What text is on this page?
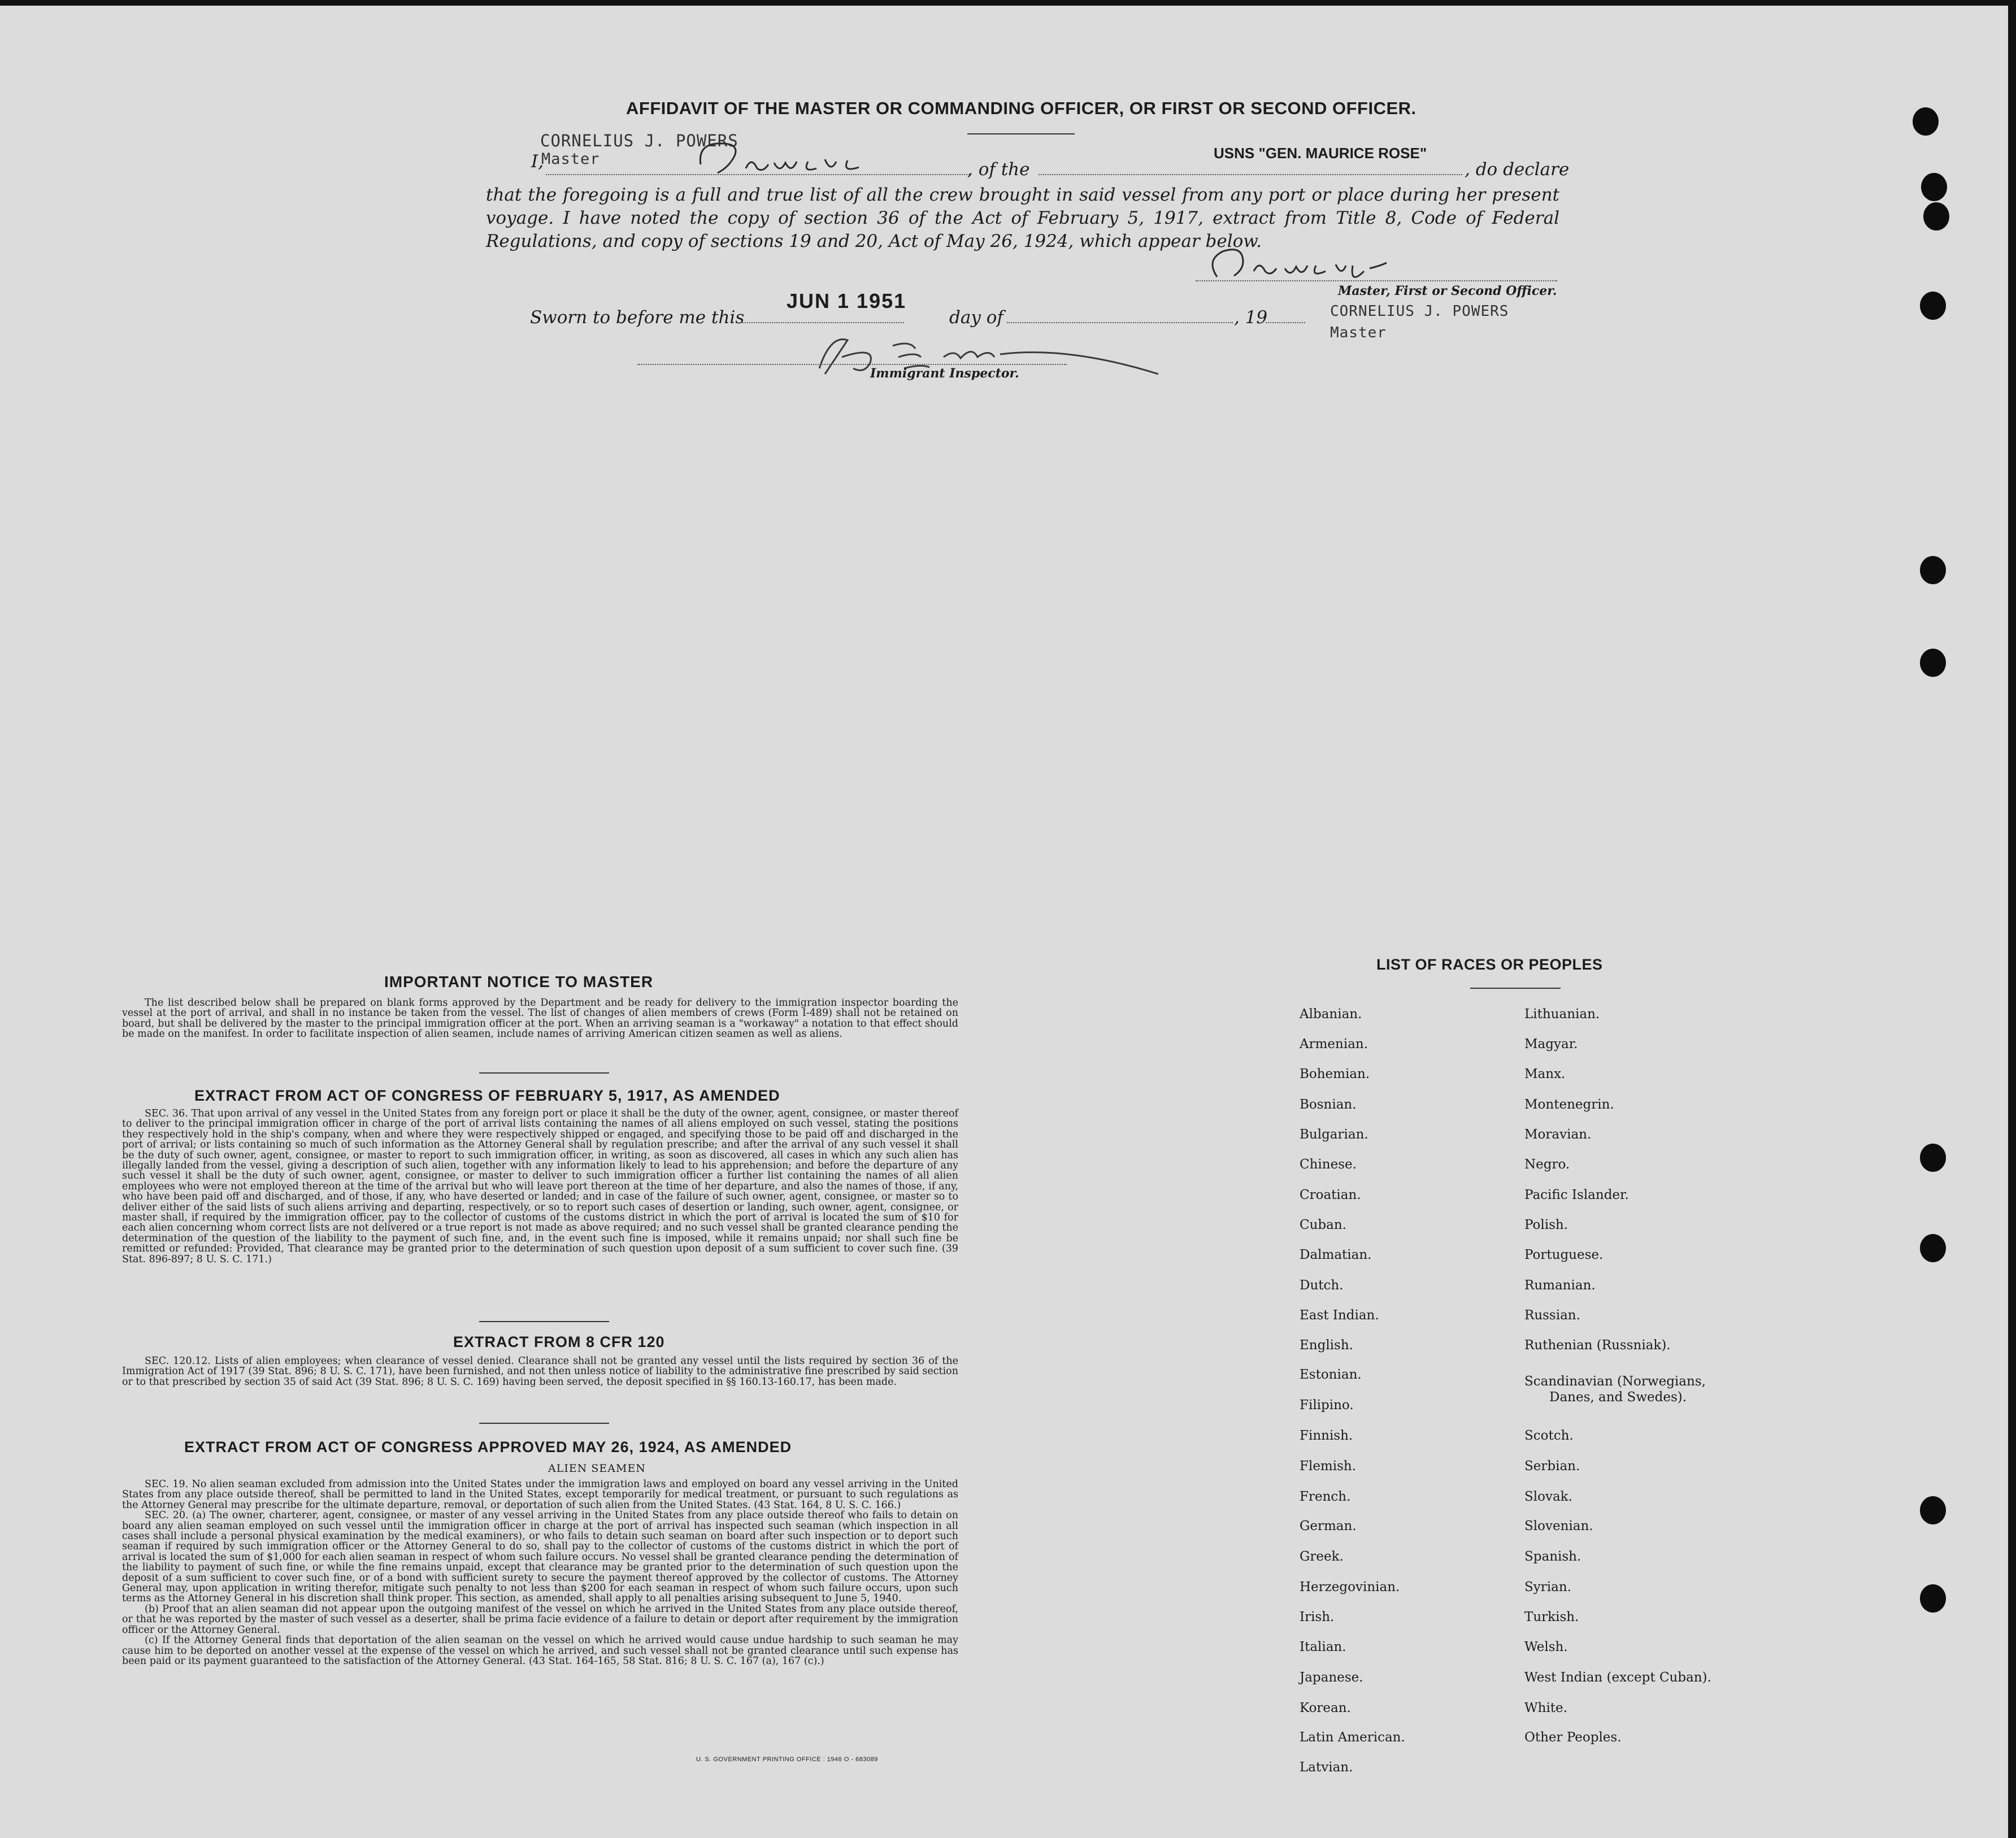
AFFIDAVIT OF THE MASTER OR COMMANDING OFFICER, OR FIRST OR SECOND OFFICER.
CORNELIUS J. POWERS
I,
Master
, of the
USNS "GEN. MAURICE ROSE"
, do declare
that the foregoing is a full and true list of all the crew brought in said vessel from any port or place during her present voyage. I have noted the copy of section 36 of the Act of February 5, 1917, extract from Title 8, Code of Federal Regulations, and copy of sections 19 and 20, Act of May 26, 1924, which appear below.
Sworn to before me this
JUN 1 1951
day of	, 19
Master, First or Second Officer.
CORNELIUS J. POWERS
Master
Immigrant Inspector.
IMPORTANT NOTICE TO MASTER

The list described below shall be prepared on blank forms approved by the Department and be ready for delivery to the immigration inspector boarding the vessel at the port of arrival, and shall in no instance be taken from the vessel. The list of changes of alien members of crews (Form I-489) shall not be retained on board, but shall be delivered by the master to the principal immigration officer at the port. When an arriving seaman is a "workaway" a notation to that effect should be made on the manifest. In order to facilitate inspection of alien seamen, include names of arriving American citizen seamen as well as aliens.

EXTRACT FROM ACT OF CONGRESS OF FEBRUARY 5, 1917, AS AMENDED

SEC. 36. That upon arrival of any vessel in the United States from any foreign port or place it shall be the duty of the owner, agent, consignee, or master thereof to deliver to the principal immigration officer in charge of the port of arrival lists containing the names of all aliens employed on such vessel, stating the positions they respectively hold in the ship's company, when and where they were respectively shipped or engaged, and specifying those to be paid off and discharged in the port of arrival; or lists containing so much of such information as the Attorney General shall by regulation prescribe; and after the arrival of any such vessel it shall be the duty of such owner, agent, consignee, or master to report to such immigration officer, in writing, as soon as discovered, all cases in which any such alien has illegally landed from the vessel, giving a description of such alien, together with any information likely to lead to his apprehension; and before the departure of any such vessel it shall be the duty of such owner, agent, consignee, or master to deliver to such immigration officer a further list containing the names of all alien employees who were not employed thereon at the time of the arrival but who will leave port thereon at the time of her departure, and also the names of those, if any, who have been paid off and discharged, and of those, if any, who have deserted or landed; and in case of the failure of such owner, agent, consignee, or master so to deliver either of the said lists of such aliens arriving and departing, respectively, or so to report such cases of desertion or landing, such owner, agent, consignee, or master shall, if required by the immigration officer, pay to the collector of customs of the customs district in which the port of arrival is located the sum of $10 for each alien concerning whom correct lists are not delivered or a true report is not made as above required; and no such vessel shall be granted clearance pending the determination of the question of the liability to the payment of such fine, and, in the event such fine is imposed, while it remains unpaid; nor shall such fine be remitted or refunded: Provided, That clearance may be granted prior to the determination of such question upon deposit of a sum sufficient to cover such fine. (39 Stat. 896-897; 8 U. S. C. 171.)

EXTRACT FROM 8 CFR 120

SEC. 120.12. Lists of alien employees; when clearance of vessel denied. Clearance shall not be granted any vessel until the lists required by section 36 of the Immigration Act of 1917 (39 Stat. 896; 8 U. S. C. 171), have been furnished, and not then unless notice of liability to the administrative fine prescribed by said section or to that prescribed by section 35 of said Act (39 Stat. 896; 8 U. S. C. 169) having been served, the deposit specified in §§ 160.13-160.17, has been made.

EXTRACT FROM ACT OF CONGRESS APPROVED MAY 26, 1924, AS AMENDED
ALIEN SEAMEN

SEC. 19. No alien seaman excluded from admission into the United States under the immigration laws and employed on board any vessel arriving in the United States from any place outside thereof, shall be permitted to land in the United States, except temporarily for medical treatment, or pursuant to such regulations as the Attorney General may prescribe for the ultimate departure, removal, or deportation of such alien from the United States. (43 Stat. 164, 8 U. S. C. 166.)

SEC. 20. (a) The owner, charterer, agent, consignee, or master of any vessel arriving in the United States from any place outside thereof who fails to detain on board any alien seaman employed on such vessel until the immigration officer in charge at the port of arrival has inspected such seaman (which inspection in all cases shall include a personal physical examination by the medical examiners), or who fails to detain such seaman on board after such inspection or to deport such seaman if required by such immigration officer or the Attorney General to do so, shall pay to the collector of customs of the customs district in which the port of arrival is located the sum of $1,000 for each alien seaman in respect of whom such failure occurs. No vessel shall be granted clearance pending the determination of the liability to payment of such fine, or while the fine remains unpaid, except that clearance may be granted prior to the determination of such question upon the deposit of a sum sufficient to cover such fine, or of a bond with sufficient surety to secure the payment thereof approved by the collector of customs. The Attorney General may, upon application in writing therefor, mitigate such penalty to not less than $200 for each seaman in respect of whom such failure occurs, upon such terms as the Attorney General in his discretion shall think proper. This section, as amended, shall apply to all penalties arising subsequent to June 5, 1940.

(b) Proof that an alien seaman did not appear upon the outgoing manifest of the vessel on which he arrived in the United States from any place outside thereof, or that he was reported by the master of such vessel as a deserter, shall be prima facie evidence of a failure to detain or deport after requirement by the immigration officer or the Attorney General.

(c) If the Attorney General finds that deportation of the alien seaman on the vessel on which he arrived would cause undue hardship to such seaman he may cause him to be deported on another vessel at the expense of the vessel on which he arrived, and such vessel shall not be granted clearance until such expense has been paid or its payment guaranteed to the satisfaction of the Attorney General. (43 Stat. 164-165, 58 Stat. 816; 8 U. S. C. 167 (a), 167 (c).)

U. S. GOVERNMENT PRINTING OFFICE : 1946 O - 683089
LIST OF RACES OR PEOPLES
Albanian.
Armenian.
Bohemian.
Bosnian.
Bulgarian.
Chinese.
Croatian.
Cuban.
Dalmatian.
Dutch.
East Indian.
English.
Estonian.
Filipino.
Finnish.
Flemish.
French.
German.
Greek.
Herzegovinian.
Irish.
Italian.
Japanese.
Korean.
Latin American.
Latvian.
Lithuanian.
Magyar.
Manx.
Montenegrin.
Moravian.
Negro.
Pacific Islander.
Polish.
Portuguese.
Rumanian.
Russian.
Ruthenian (Russniak).
Scandinavian (Norwegians,
Danes, and Swedes).
Scotch.
Serbian.
Slovak.
Slovenian.
Spanish.
Syrian.
Turkish.
Welsh.
West Indian (except Cuban).
White.
Other Peoples.
